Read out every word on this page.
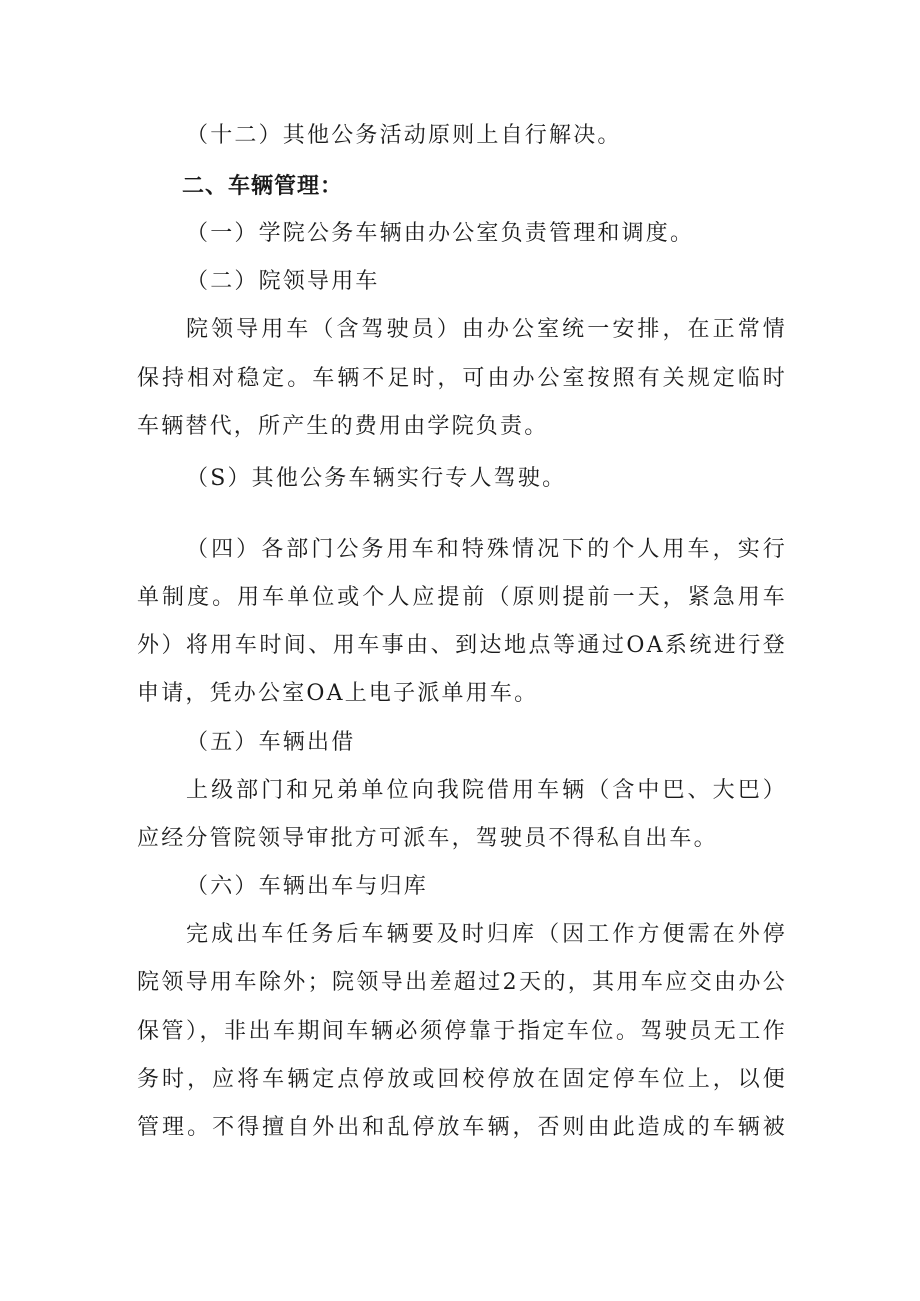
（十二）其他公务活动原则上自行解决。
二、车辆管理：
（一）学院公务车辆由办公室负责管理和调度。
（二）院领导用车
院领导用车（含驾驶员）由办公室统一安排，在正常情
保持相对稳定。车辆不足时，可由办公室按照有关规定临时
车辆替代，所产生的费用由学院负责。
（S）其他公务车辆实行专人驾驶。
（四）各部门公务用车和特殊情况下的个人用车，实行
单制度。用车单位或个人应提前（原则提前一天，紧急用车
外）将用车时间、用车事由、到达地点等通过OA系统进行登
申请，凭办公室OA上电子派单用车。
（五）车辆出借
上级部门和兄弟单位向我院借用车辆（含中巴、大巴）
应经分管院领导审批方可派车，驾驶员不得私自出车。
（六）车辆出车与归库
完成出车任务后车辆要及时归库（因工作方便需在外停
院领导用车除外；院领导出差超过2天的，其用车应交由办公
保管），非出车期间车辆必须停靠于指定车位。驾驶员无工作
务时，应将车辆定点停放或回校停放在固定停车位上，以便
管理。不得擅自外出和乱停放车辆，否则由此造成的车辆被
